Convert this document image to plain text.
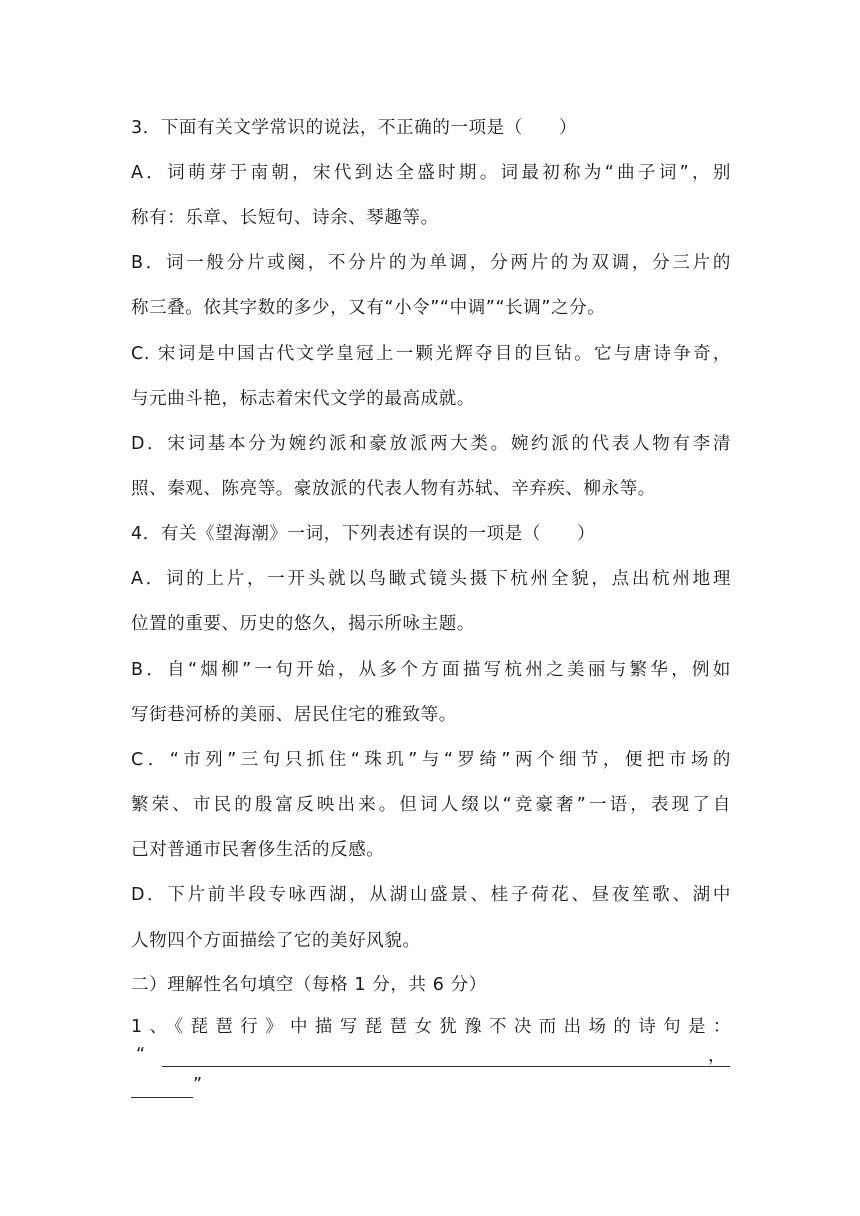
3．下面有关文学常识的说法，不正确的一项是（　　）
A．词萌芽于南朝，宋代到达全盛时期。词最初称为“曲子词”，别
称有：乐章、长短句、诗余、琴趣等。
B．词一般分片或阕，不分片的为单调，分两片的为双调，分三片的
称三叠。依其字数的多少，又有“小令”“中调”“长调”之分。
C. 宋词是中国古代文学皇冠上一颗光辉夺目的巨钻。它与唐诗争奇，
与元曲斗艳，标志着宋代文学的最高成就。
D．宋词基本分为婉约派和豪放派两大类。婉约派的代表人物有李清
照、秦观、陈亮等。豪放派的代表人物有苏轼、辛弃疾、柳永等。
4．有关《望海潮》一词，下列表述有误的一项是（　　）
A．词的上片，一开头就以鸟瞰式镜头摄下杭州全貌，点出杭州地理
位置的重要、历史的悠久，揭示所咏主题。
B．自“烟柳”一句开始，从多个方面描写杭州之美丽与繁华，例如
写街巷河桥的美丽、居民住宅的雅致等。
C．“市列”三句只抓住“珠玑”与“罗绮”两个细节，便把市场的
繁荣、市民的殷富反映出来。但词人缀以“竞豪奢”一语，表现了自
己对普通市民奢侈生活的反感。
D．下片前半段专咏西湖，从湖山盛景、桂子荷花、昼夜笙歌、湖中
人物四个方面描绘了它的美好风貌。
二）理解性名句填空（每格 1 分，共 6 分）
1、《琵琶行》中描写琵琶女犹豫不决而出场的诗句是：
“	，
”
